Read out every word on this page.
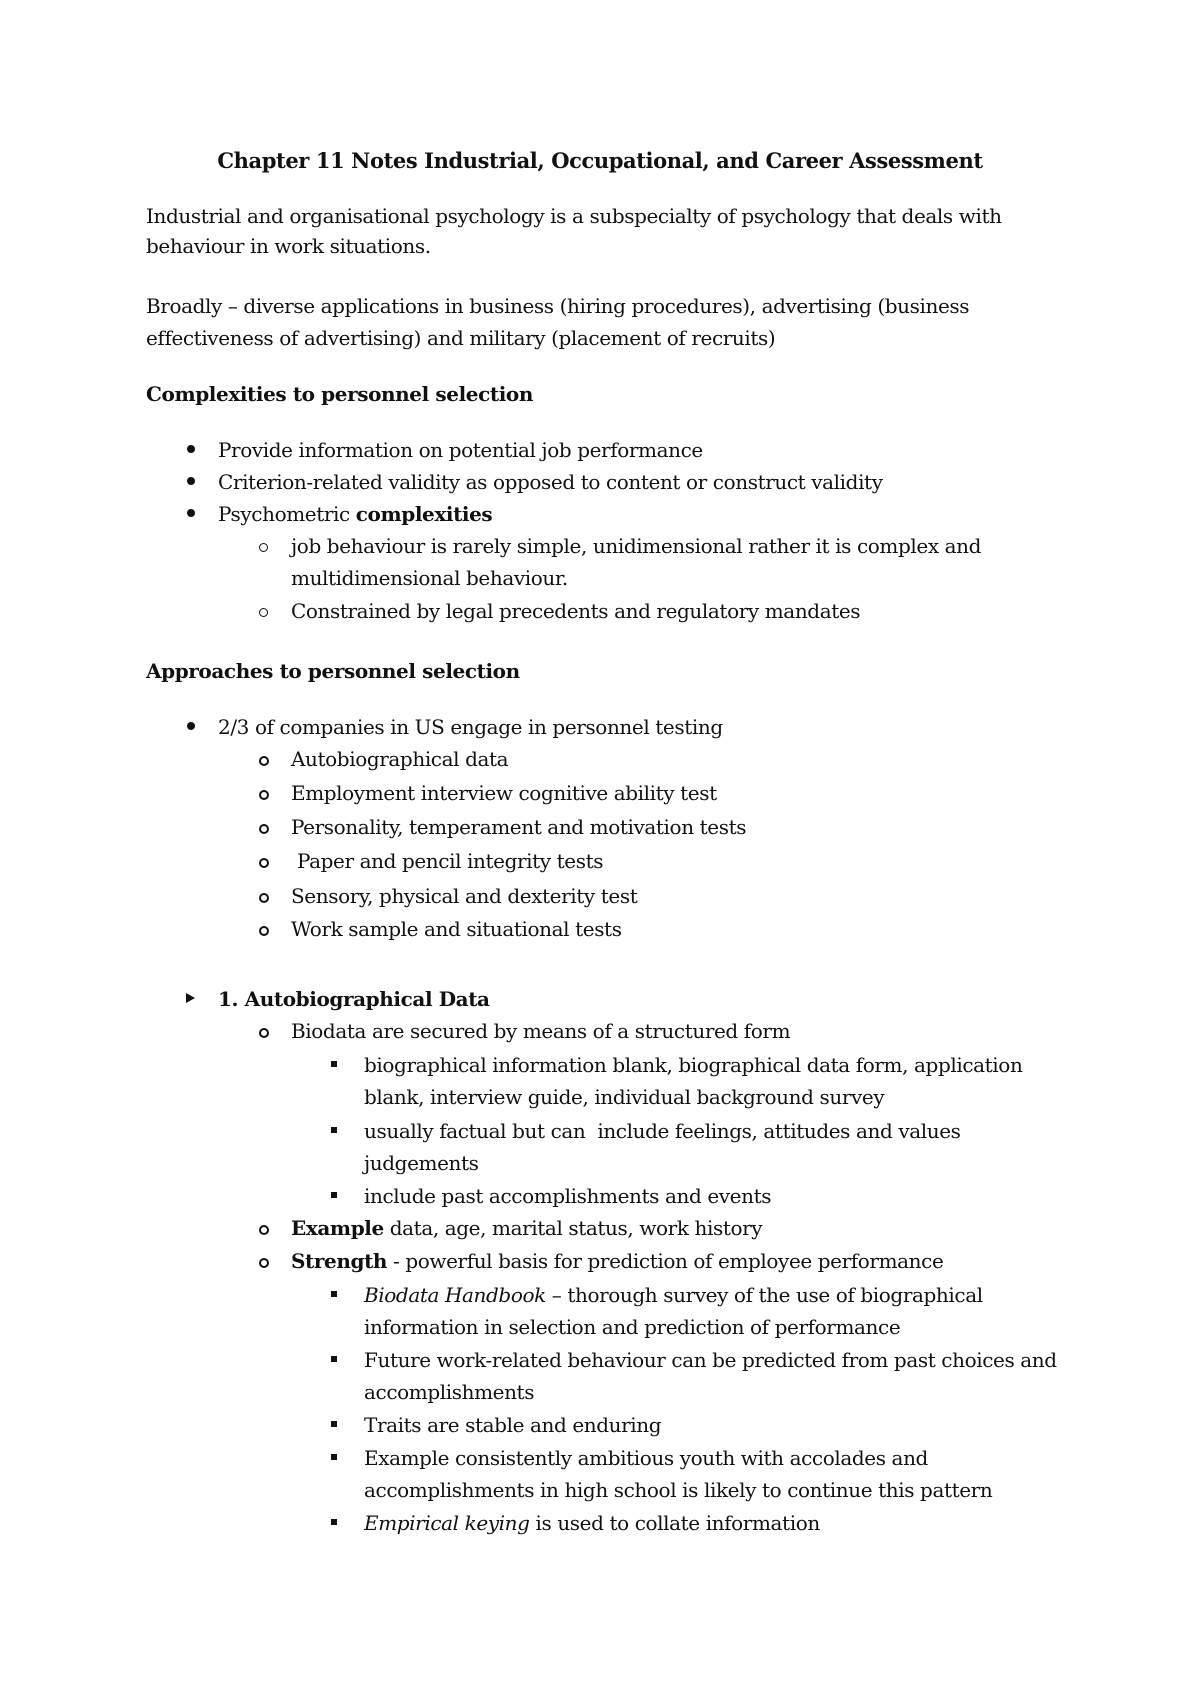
Chapter 11 Notes Industrial, Occupational, and Career Assessment
Industrial and organisational psychology is a subspecialty of psychology that deals with
behaviour in work situations.
Broadly – diverse applications in business (hiring procedures), advertising (business
effectiveness of advertising) and military (placement of recruits)
Complexities to personnel selection
Provide information on potential job performance
Criterion-related validity as opposed to content or construct validity
Psychometric complexities
job behaviour is rarely simple, unidimensional rather it is complex and
multidimensional behaviour.
Constrained by legal precedents and regulatory mandates
Approaches to personnel selection
2/3 of companies in US engage in personnel testing
Autobiographical data
Employment interview cognitive ability test
Personality, temperament and motivation tests
Paper and pencil integrity tests
Sensory, physical and dexterity test
Work sample and situational tests
1. Autobiographical Data
Biodata are secured by means of a structured form
biographical information blank, biographical data form, application
blank, interview guide, individual background survey
usually factual but can  include feelings, attitudes and values
judgements
include past accomplishments and events
Example data, age, marital status, work history
Strength - powerful basis for prediction of employee performance
Biodata Handbook – thorough survey of the use of biographical
information in selection and prediction of performance
Future work-related behaviour can be predicted from past choices and
accomplishments
Traits are stable and enduring
Example consistently ambitious youth with accolades and
accomplishments in high school is likely to continue this pattern
Empirical keying is used to collate information
